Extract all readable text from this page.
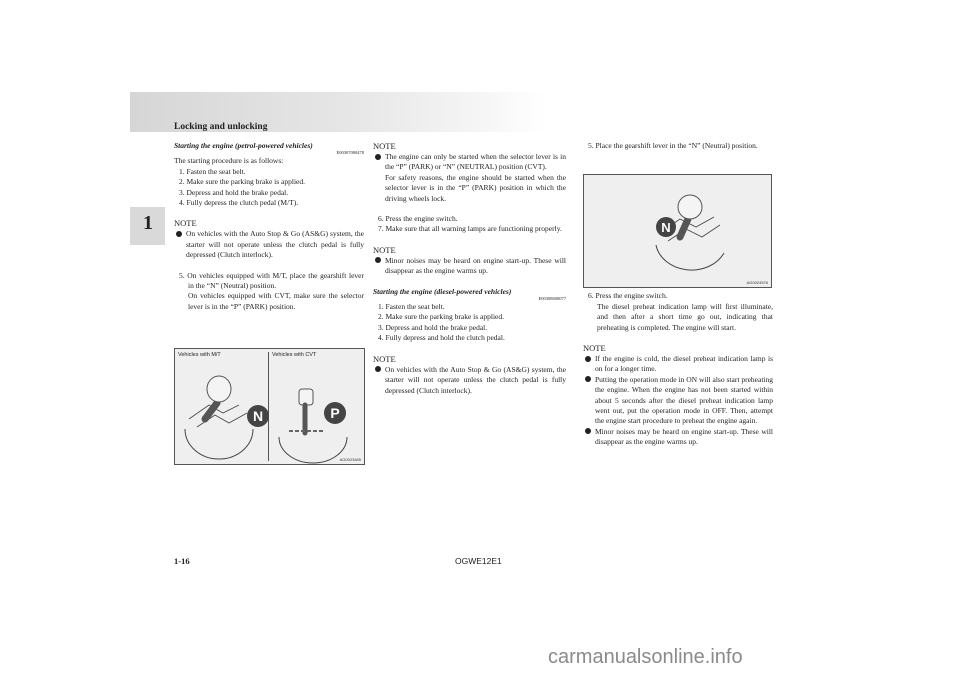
Locking and unlocking
1
Starting the engine (petrol-powered vehicles)
E00307000478
The starting procedure is as follows:
1. Fasten the seat belt.
2. Make sure the parking brake is applied.
3. Depress and hold the brake pedal.
4. Fully depress the clutch pedal (M/T).
NOTE
On vehicles with the Auto Stop & Go (AS&G) system, the starter will not operate unless the clutch pedal is fully depressed (Clutch interlock).
5. On vehicles equipped with M/T, place the gearshift lever in the “N” (Neutral) position.
On vehicles equipped with CVT, make sure the selector lever is in the “P” (PARK) position.
Vehicles with M/T	Vehicles with CVT
N	P
AG0023465
NOTE
The engine can only be started when the selector lever is in the “P” (PARK) or “N” (NEUTRAL) position (CVT).
For safety reasons, the engine should be started when the selector lever is in the “P” (PARK) position in which the driving wheels lock.
6. Press the engine switch.
7. Make sure that all warning lamps are functioning properly.
NOTE
Minor noises may be heard on engine start-up. These will disappear as the engine warms up.
Starting the engine (diesel-powered vehicles)
E00308600077
1. Fasten the seat belt.
2. Make sure the parking brake is applied.
3. Depress and hold the brake pedal.
4. Fully depress and hold the clutch pedal.
NOTE
On vehicles with the Auto Stop & Go (AS&G) system, the starter will not operate unless the clutch pedal is fully depressed (Clutch interlock).
5. Place the gearshift lever in the “N” (Neutral) position.
6. Press the engine switch.
The diesel preheat indication lamp will first illuminate, and then after a short time go out, indicating that preheating is completed. The engine will start.
NOTE
If the engine is cold, the diesel preheat indication lamp is on for a longer time.
Putting the operation mode in ON will also start preheating the engine. When the engine has not been started within about 5 seconds after the diesel preheat indication lamp went out, put the operation mode in OFF. Then, attempt the engine start procedure to preheat the engine again.
Minor noises may be heard on engine start-up. These will disappear as the engine warms up.
N
AG0024576
1-16	OGWE12E1
carmanualsonline.info
